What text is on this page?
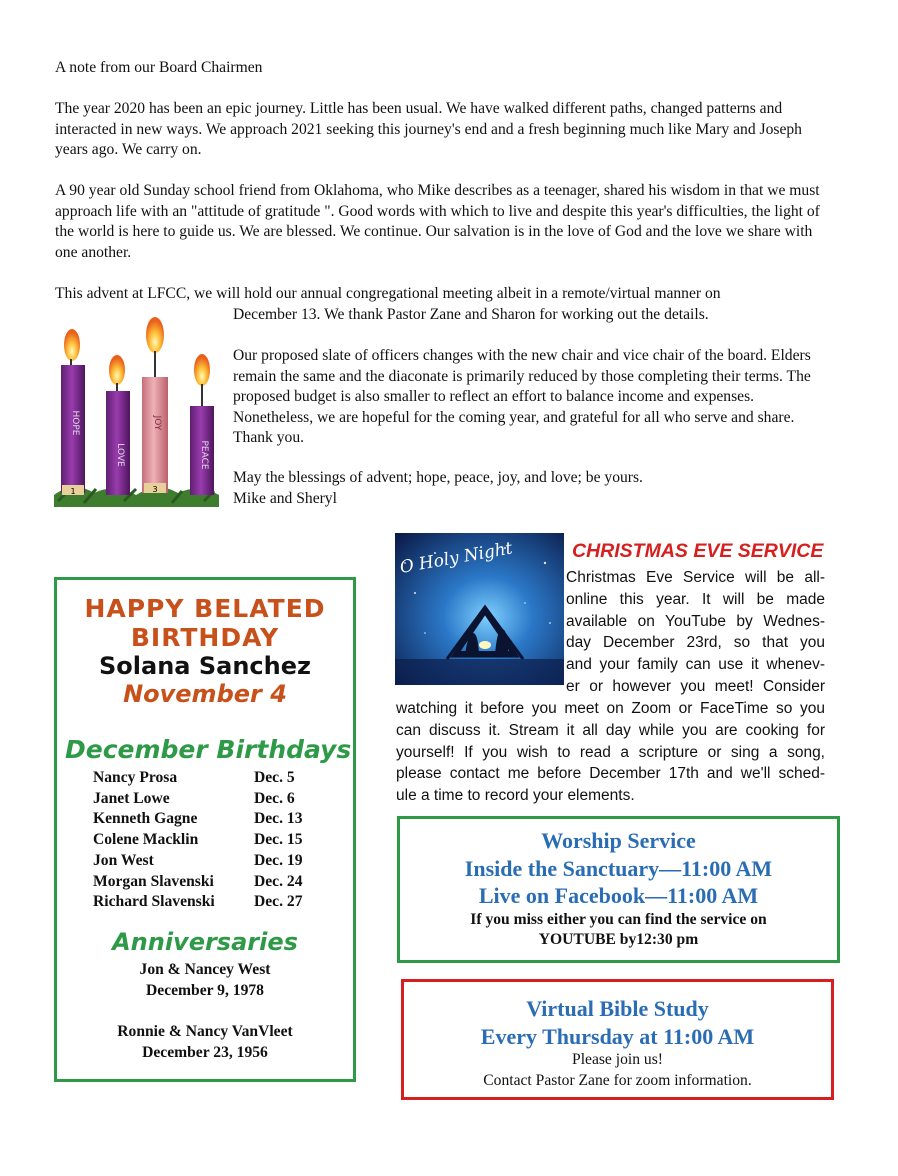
A note from our Board Chairmen

The year 2020 has been an epic journey. Little has been usual. We have walked different paths, changed patterns and interacted in new ways. We approach 2021 seeking this journey's end and a fresh beginning much like Mary and Joseph years ago. We carry on.

A 90 year old Sunday school friend from Oklahoma, who Mike describes as a teenager, shared his wisdom in that we must approach life with an "attitude of gratitude ". Good words with which to live and despite this year's difficulties, the light of the world is here to guide us. We are blessed. We continue. Our salvation is in the love of God and the love we share with one another.

This advent at LFCC, we will hold our annual congregational meeting albeit in a remote/virtual manner on
December 13. We thank Pastor Zane and Sharon for working out the details.

Our proposed slate of officers changes with the new chair and vice chair of the board. Elders remain the same and the diaconate is primarily reduced by those completing their terms. The proposed budget is also smaller to reflect an effort to balance income and expenses. Nonetheless, we are hopeful for the coming year, and grateful for all who serve and share. Thank you.

May the blessings of advent; hope, peace, joy, and love; be yours.
Mike and Sheryl
HOPE
1
LOVE
JOY
3
PEACE
HAPPY BELATED
BIRTHDAY
Solana Sanchez
November 4
December Birthdays
Nancy Prosa	Dec. 5
Janet Lowe	Dec. 6
Kenneth Gagne	Dec. 13
Colene Macklin	Dec. 15
Jon West	Dec. 19
Morgan Slavenski	Dec. 24
Richard Slavenski	Dec. 27
Anniversaries
Jon & Nancey West
December 9, 1978
Ronnie & Nancy VanVleet
December 23, 1956
O Holy Night	CHRISTMAS EVE SERVICE
Christmas Eve Service will be all-
online this year. It will be made
available on YouTube by Wednes-
day December 23rd, so that you
and your family can use it whenev-
er or however you meet! Consider
watching it before you meet on Zoom or FaceTime so you
can discuss it. Stream it all day while you are cooking for
yourself! If you wish to read a scripture or sing a song,
please contact me before December 17th and we'll sched-
ule a time to record your elements.
Worship Service
Inside the Sanctuary—11:00 AM
Live on Facebook—11:00 AM
If you miss either you can find the service on
YOUTUBE by12:30 pm
Virtual Bible Study
Every Thursday at 11:00 AM
Please join us!
Contact Pastor Zane for zoom information.
